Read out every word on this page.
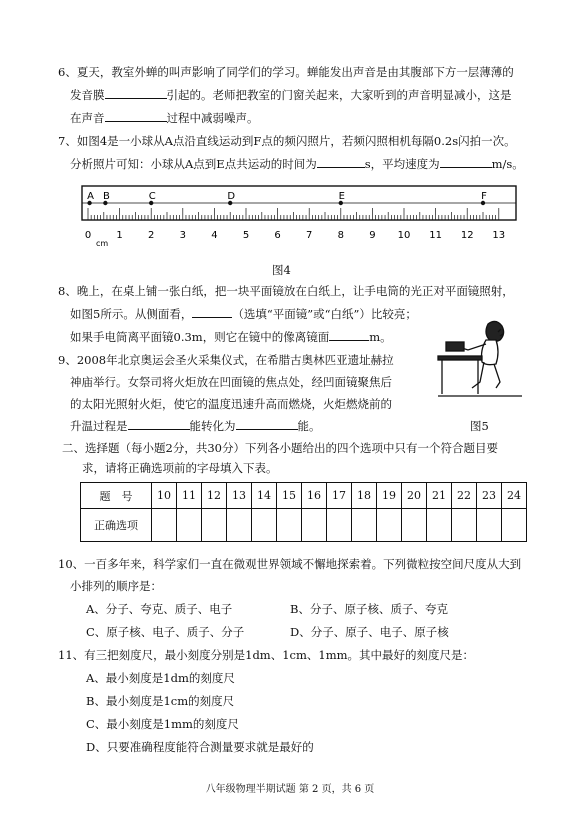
6、夏天，教室外蝉的叫声影响了同学们的学习。蝉能发出声音是由其腹部下方一层薄薄的
发音膜	引起的。老师把教室的门窗关起来，大家听到的声音明显减小，这是
在声音	过程中减弱噪声。
7、如图4是一小球从A点沿直线运动到F点的频闪照片，若频闪照相机每隔0.2s闪拍一次。
分析照片可知：小球从A点到E点共运动的时间为	s，平均速度为	m/s。
A B	C	D	E	F
0	1	2	3	4	5	6	7	8	9 10 11 12 13
cm
图4
8、晚上，在桌上铺一张白纸，把一块平面镜放在白纸上，让手电筒的光正对平面镜照射，
如图5所示。从侧面看，	（选填“平面镜”或“白纸”）比较亮；
如果手电筒离平面镜0.3m，则它在镜中的像离镜面	m。
9、2008年北京奥运会圣火采集仪式，在希腊古奥林匹亚遗址赫拉
神庙举行。女祭司将火炬放在凹面镜的焦点处，经凹面镜聚焦后
的太阳光照射火炬，使它的温度迅速升高而燃烧，火炬燃烧前的
升温过程是	能转化为	能。	图5
二、选择题（每小题2分，共30分）下列各小题给出的四个选项中只有一个符合题目要
求，请将正确选项前的字母填入下表。
题　号	10	11	12	13	14	15	16	17	18	19	20	21	22	23	24
正确选项															
10、一百多年来，科学家们一直在微观世界领域不懈地探索着。下列微粒按空间尺度从大到
小排列的顺序是：
A、分子、夸克、质子、电子	B、分子、原子核、质子、夸克
C、原子核、电子、质子、分子	D、分子、原子、电子、原子核
11、有三把刻度尺，最小刻度分别是1dm、1cm、1mm。其中最好的刻度尺是：
A、最小刻度是1dm的刻度尺
B、最小刻度是1cm的刻度尺
C、最小刻度是1mm的刻度尺
D、只要准确程度能符合测量要求就是最好的
八年级物理半期试题 第 2 页，共 6 页
